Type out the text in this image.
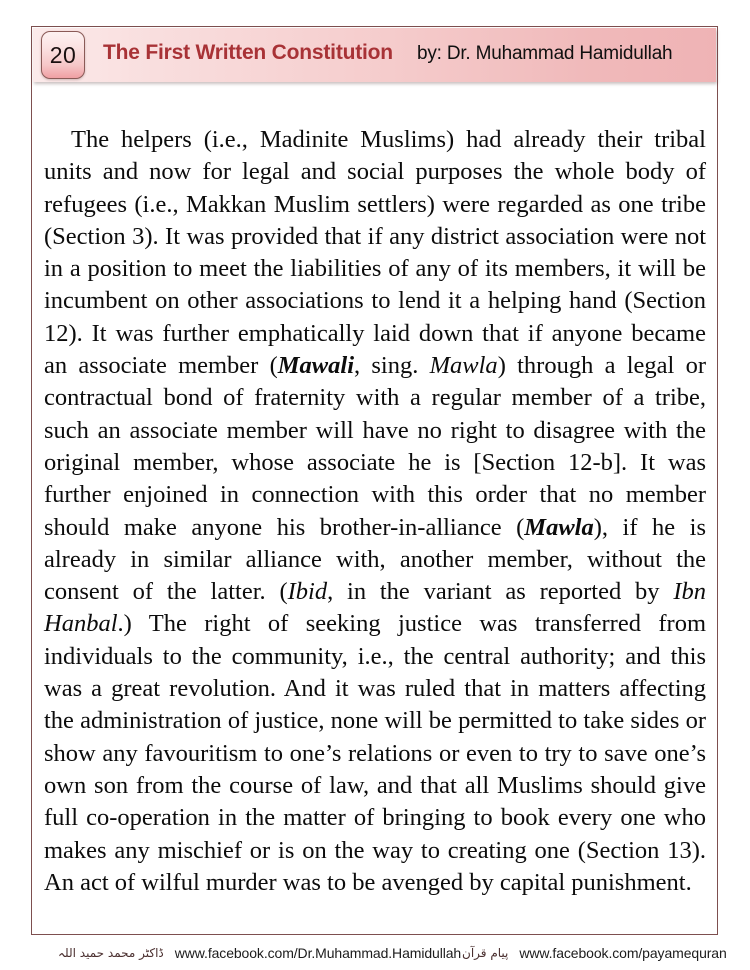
20 The First Written Constitution by: Dr. Muhammad Hamidullah
The helpers (i.e., Madinite Muslims) had already their tribal units and now for legal and social purposes the whole body of refugees (i.e., Makkan Muslim settlers) were regarded as one tribe (Section 3). It was provided that if any district association were not in a position to meet the liabilities of any of its members, it will be incumbent on other associations to lend it a helping hand (Section 12). It was further emphatically laid down that if anyone became an associate member (Mawali, sing. Mawla) through a legal or contractual bond of fraternity with a regular member of a tribe, such an associate member will have no right to disagree with the original member, whose associate he is [Section 12-b]. It was further enjoined in connection with this order that no member should make anyone his brother-in-alliance (Mawla), if he is already in similar alliance with, another member, without the consent of the latter. (Ibid, in the variant as reported by Ibn Hanbal.) The right of seeking justice was transferred from individuals to the community, i.e., the central authority; and this was a great revolution. And it was ruled that in matters affecting the administration of justice, none will be permitted to take sides or show any favouritism to one’s relations or even to try to save one’s own son from the course of law, and that all Muslims should give full co-operation in the matter of bringing to book every one who makes any mischief or is on the way to creating one (Section 13). An act of wilful murder was to be avenged by capital punishment.
ڈاکٹر محمد حمید اللہ www.facebook.com/Dr.Muhammad.Hamidullah پیام قرآن www.facebook.com/payamequran
